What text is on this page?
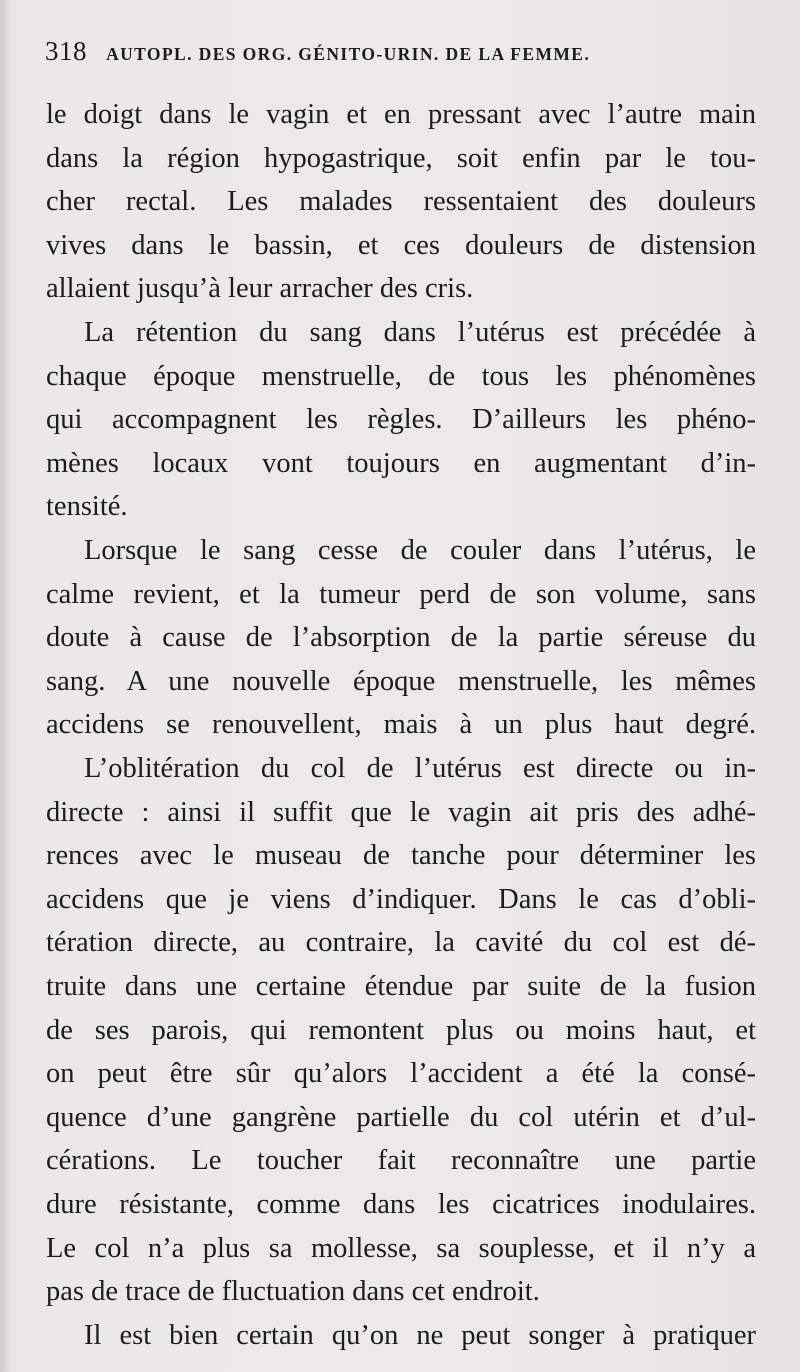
318 AUTOPL. DES ORG. GÉNITO-URIN. DE LA FEMME.
le doigt dans le vagin et en pressant avec l’autre main
dans la région hypogastrique, soit enfin par le tou-
cher rectal. Les malades ressentaient des douleurs
vives dans le bassin, et ces douleurs de distension
allaient jusqu’à leur arracher des cris.
La rétention du sang dans l’utérus est précédée à
chaque époque menstruelle, de tous les phénomènes
qui accompagnent les règles. D’ailleurs les phéno-
mènes locaux vont toujours en augmentant d’in-
tensité.
Lorsque le sang cesse de couler dans l’utérus, le
calme revient, et la tumeur perd de son volume, sans
doute à cause de l’absorption de la partie séreuse du
sang. A une nouvelle époque menstruelle, les mêmes
accidens se renouvellent, mais à un plus haut degré.
L’oblitération du col de l’utérus est directe ou in-
directe : ainsi il suffit que le vagin ait pris des adhé-
rences avec le museau de tanche pour déterminer les
accidens que je viens d’indiquer. Dans le cas d’obli-
tération directe, au contraire, la cavité du col est dé-
truite dans une certaine étendue par suite de la fusion
de ses parois, qui remontent plus ou moins haut, et
on peut être sûr qu’alors l’accident a été la consé-
quence d’une gangrène partielle du col utérin et d’ul-
cérations. Le toucher fait reconnaître une partie
dure résistante, comme dans les cicatrices inodulaires.
Le col n’a plus sa mollesse, sa souplesse, et il n’y a
pas de trace de fluctuation dans cet endroit.
Il est bien certain qu’on ne peut songer à pratiquer
